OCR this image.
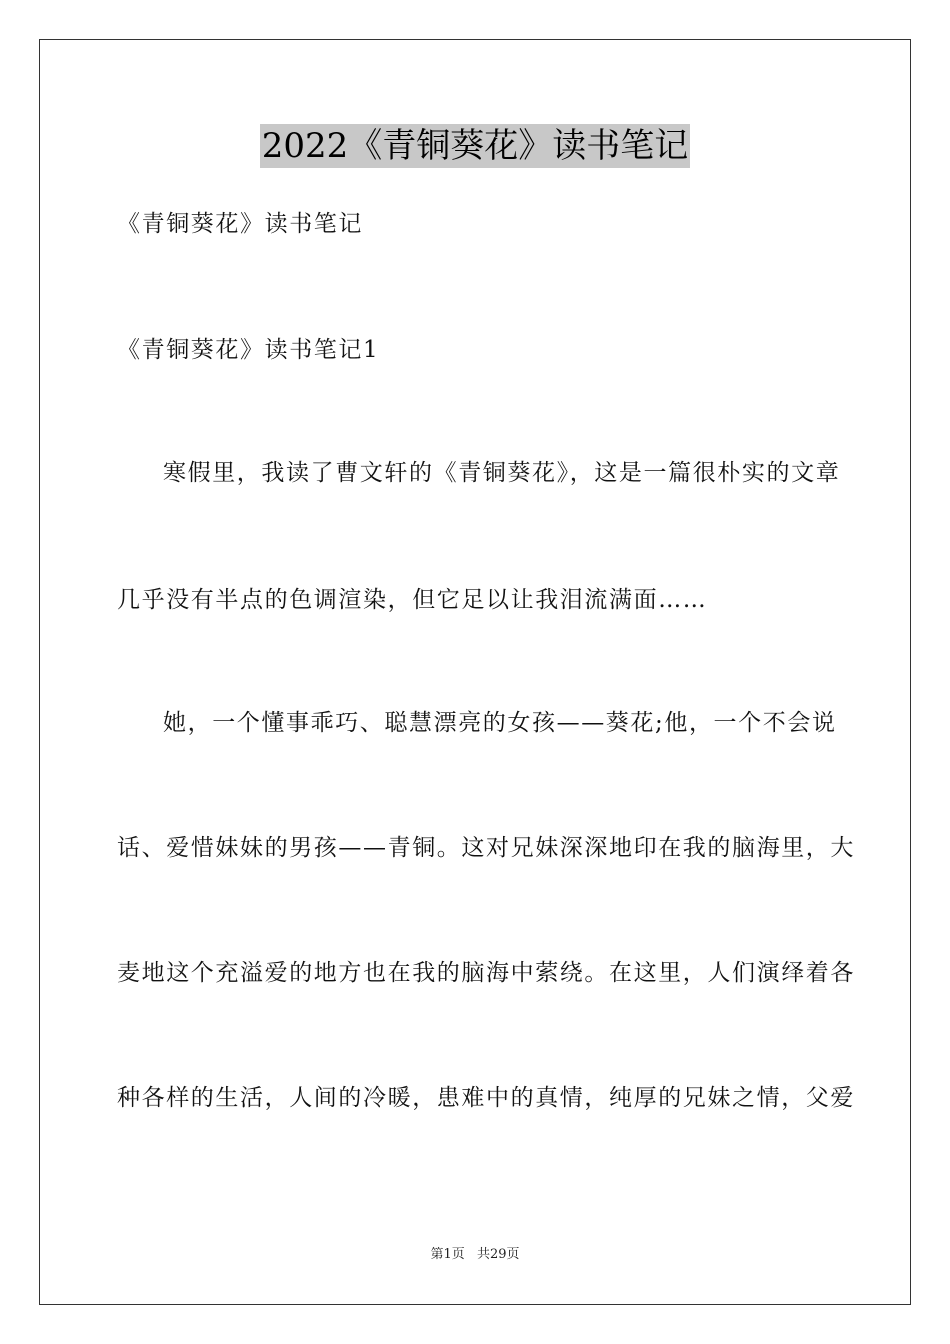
2022《青铜葵花》读书笔记
《青铜葵花》读书笔记
《青铜葵花》读书笔记1
寒假里，我读了曹文轩的《青铜葵花》，这是一篇很朴实的文章
几乎没有半点的色调渲染，但它足以让我泪流满面……
她，一个懂事乖巧、聪慧漂亮的女孩——葵花;他，一个不会说
话、爱惜妹妹的男孩——青铜。这对兄妹深深地印在我的脑海里，大
麦地这个充溢爱的地方也在我的脑海中萦绕。在这里，人们演绎着各
种各样的生活，人间的冷暖，患难中的真情，纯厚的兄妹之情，父爱
第1页 共29页
